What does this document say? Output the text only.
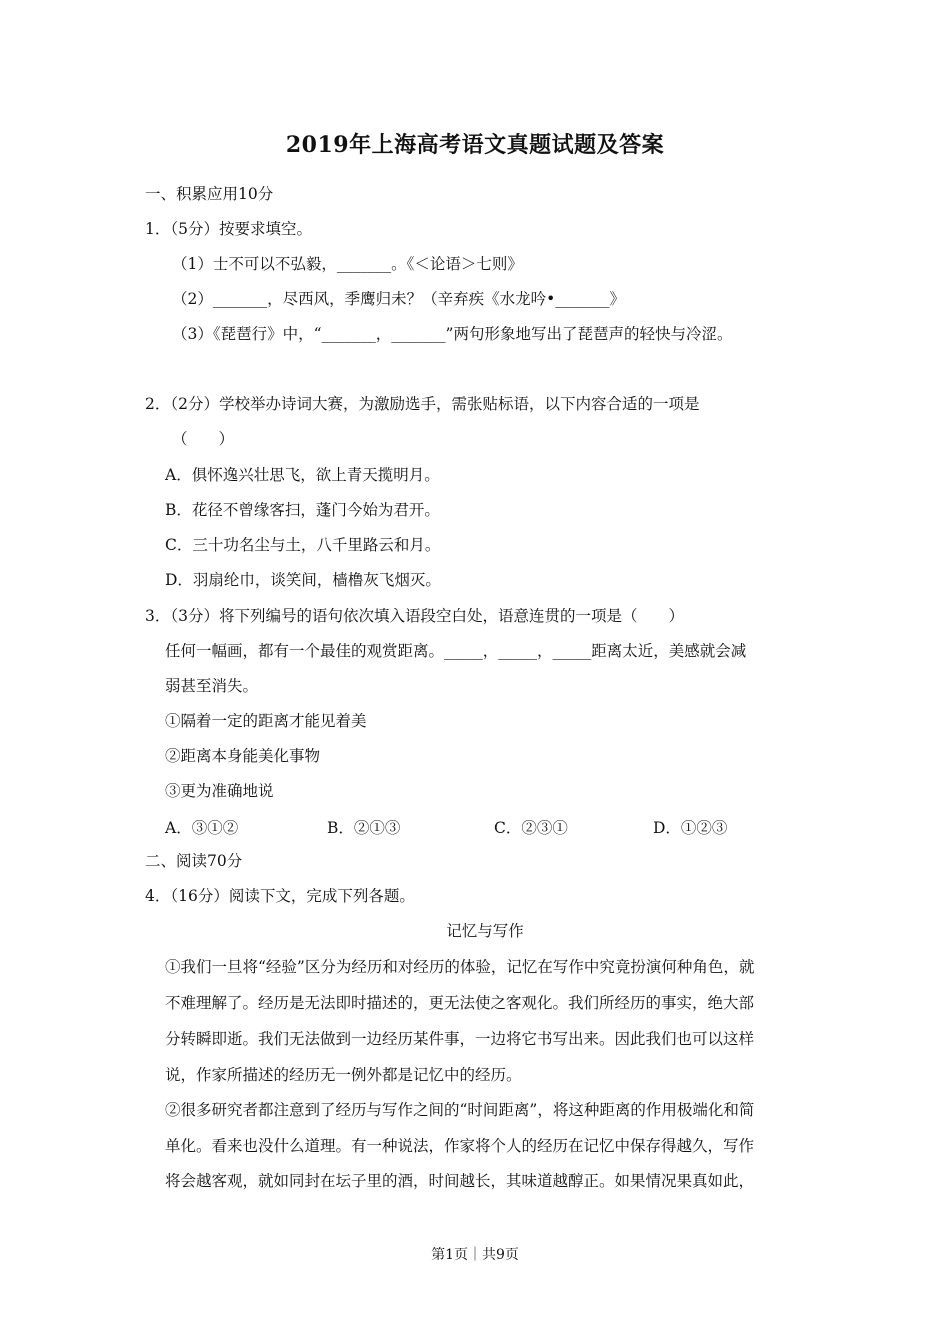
2019年上海高考语文真题试题及答案
一、积累应用10分
1．（5分）按要求填空。
（1）士不可以不弘毅，_______。《＜论语＞七则》
（2）_______，尽西风，季鹰归未？（辛弃疾《水龙吟•_______》
（3）《琵琶行》中，“_______，_______”两句形象地写出了琵琶声的轻快与冷涩。
2．（2分）学校举办诗词大赛，为激励选手，需张贴标语，以下内容合适的一项是
（　　）
A．俱怀逸兴壮思飞，欲上青天揽明月。
B．花径不曾缘客扫，蓬门今始为君开。
C．三十功名尘与土，八千里路云和月。
D．羽扇纶巾，谈笑间，樯橹灰飞烟灭。
3．（3分）将下列编号的语句依次填入语段空白处，语意连贯的一项是（　　）
任何一幅画，都有一个最佳的观赏距离。_____，_____，_____距离太近，美感就会减
弱甚至消失。
①隔着一定的距离才能见着美
②距离本身能美化事物
③更为准确地说
A．③①②	B．②①③	C．②③①	D．①②③
二、阅读70分
4．（16分）阅读下文，完成下列各题。
记忆与写作
①我们一旦将“经验”区分为经历和对经历的体验，记忆在写作中究竟扮演何种角色，就
不难理解了。经历是无法即时描述的，更无法使之客观化。我们所经历的事实，绝大部
分转瞬即逝。我们无法做到一边经历某件事，一边将它书写出来。因此我们也可以这样
说，作家所描述的经历无一例外都是记忆中的经历。
②很多研究者都注意到了经历与写作之间的“时间距离”，将这种距离的作用极端化和简
单化。看来也没什么道理。有一种说法，作家将个人的经历在记忆中保存得越久，写作
将会越客观，就如同封在坛子里的酒，时间越长，其味道越醇正。如果情况果真如此，
第1页｜共9页
